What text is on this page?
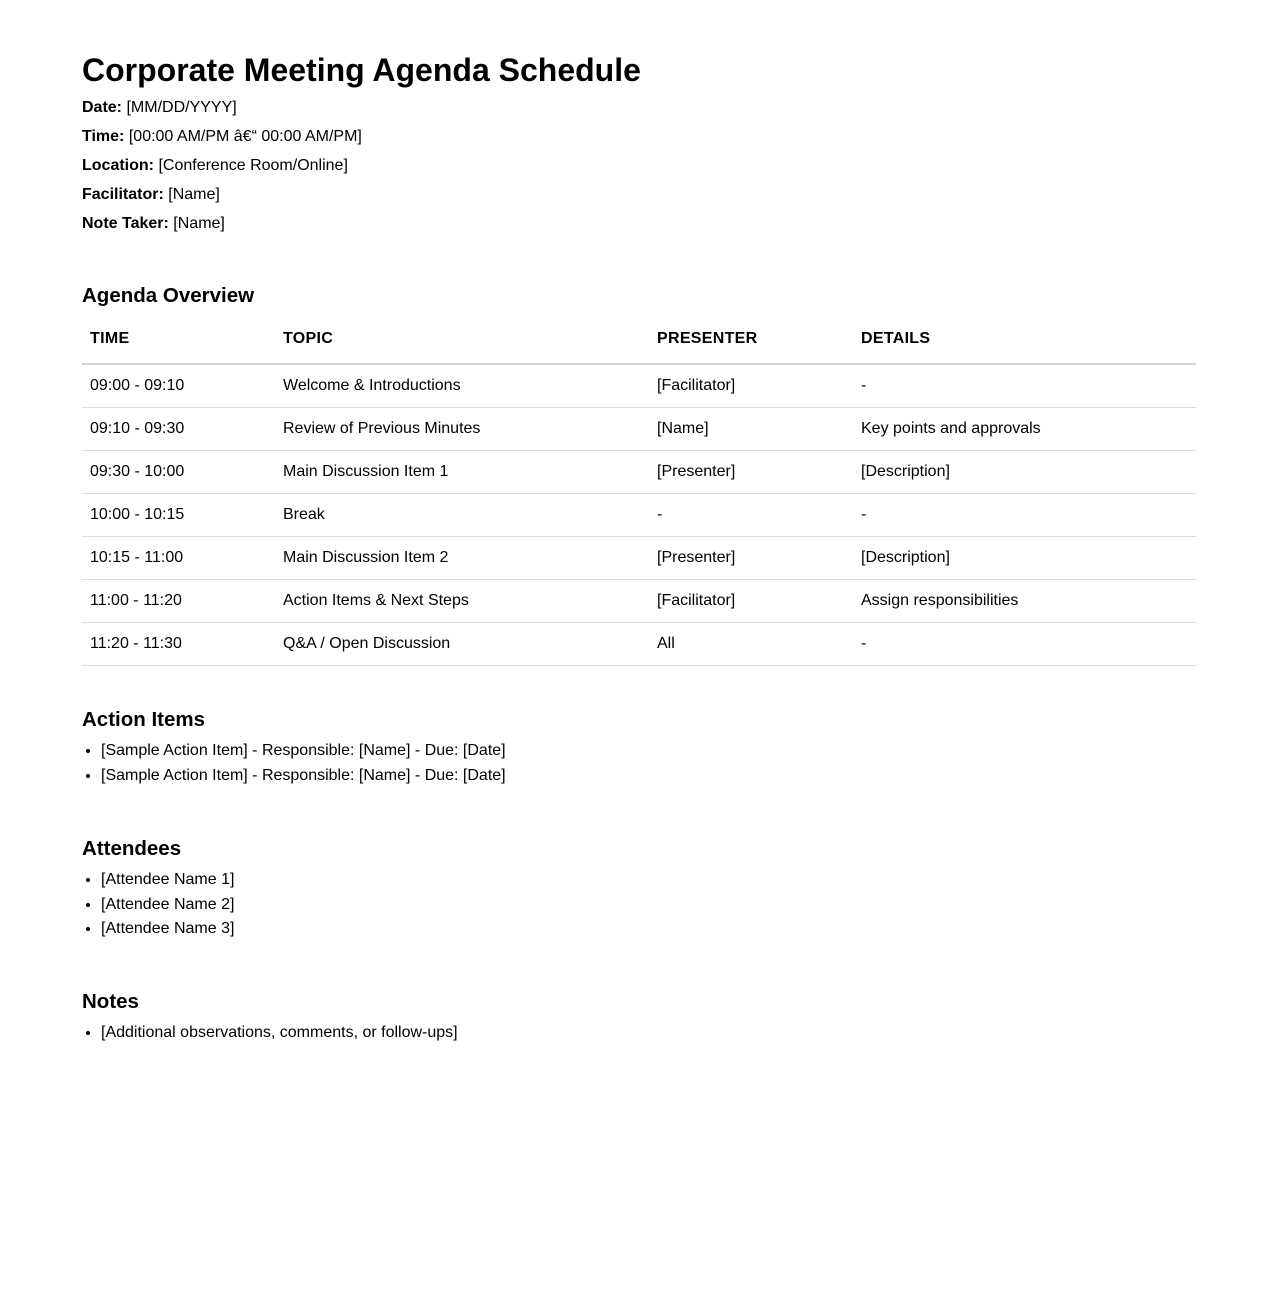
Corporate Meeting Agenda Schedule

Date: [MM/DD/YYYY]

Time: [00:00 AM/PM â€“ 00:00 AM/PM]

Location: [Conference Room/Online]

Facilitator: [Name]

Note Taker: [Name]

Agenda Overview
TIME	TOPIC	PRESENTER	DETAILS
09:00 - 09:10	Welcome & Introductions	[Facilitator]	-
09:10 - 09:30	Review of Previous Minutes	[Name]	Key points and approvals
09:30 - 10:00	Main Discussion Item 1	[Presenter]	[Description]
10:00 - 10:15	Break	-	-
10:15 - 11:00	Main Discussion Item 2	[Presenter]	[Description]
11:00 - 11:20	Action Items & Next Steps	[Facilitator]	Assign responsibilities
11:20 - 11:30	Q&A / Open Discussion	All	-
Action Items
• [Sample Action Item] - Responsible: [Name] - Due: [Date]
• [Sample Action Item] - Responsible: [Name] - Due: [Date]
Attendees
• [Attendee Name 1]
• [Attendee Name 2]
• [Attendee Name 3]
Notes
• [Additional observations, comments, or follow-ups]
